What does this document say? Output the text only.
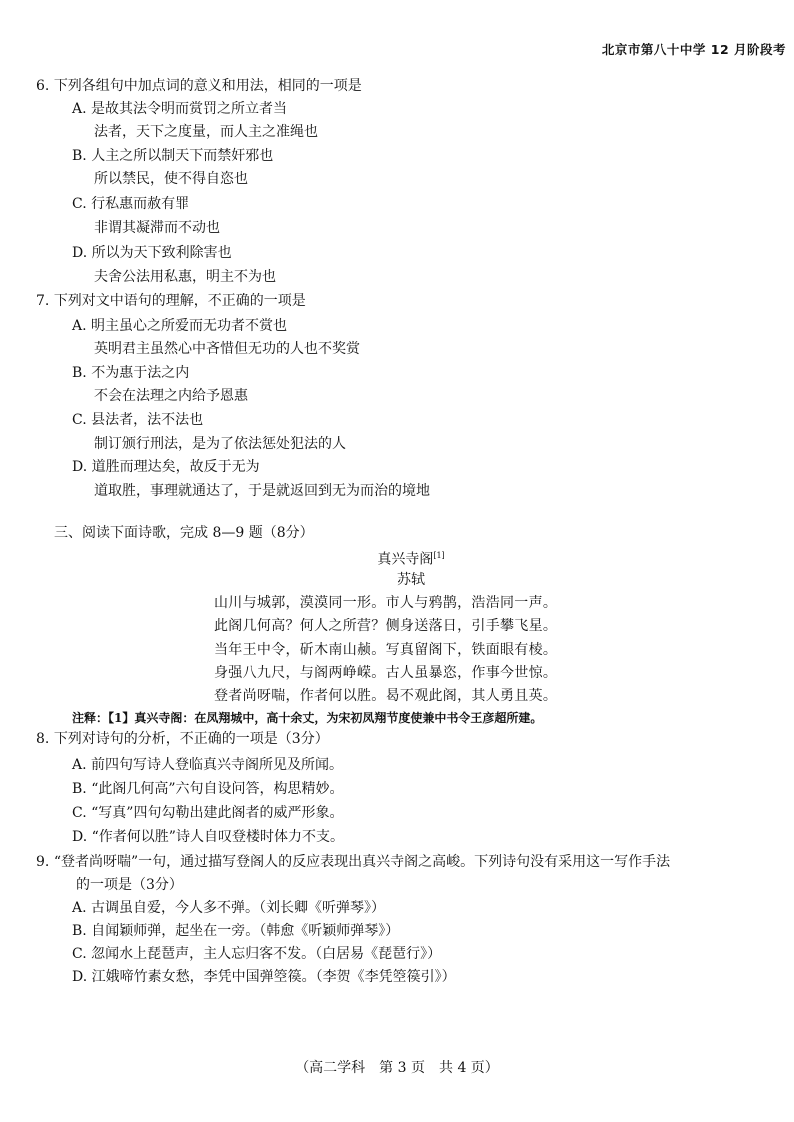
北京市第八十中学 12 月阶段考
6. 下列各组句中加点词的意义和用法，相同的一项是
A. 是故其法令明而赏罚之所立者当
法者，天下之度量，而人主之准绳也
B. 人主之所以制天下而禁奸邪也
所以禁民，使不得自恣也
C. 行私惠而赦有罪
非谓其凝滞而不动也
D. 所以为天下致利除害也
夫舍公法用私惠，明主不为也
7. 下列对文中语句的理解，不正确的一项是
A. 明主虽心之所爱而无功者不赏也
英明君主虽然心中吝惜但无功的人也不奖赏
B. 不为惠于法之内
不会在法理之内给予恩惠
C. 县法者，法不法也
制订颁行刑法，是为了依法惩处犯法的人
D. 道胜而理达矣，故反于无为
道取胜，事理就通达了，于是就返回到无为而治的境地
三、阅读下面诗歌，完成 8—9 题（8分）
真兴寺阁[1]
苏轼
山川与城郭，漠漠同一形。市人与鸦鹊，浩浩同一声。
此阁几何高？何人之所营？侧身送落日，引手攀飞星。
当年王中令，斫木南山赪。写真留阁下，铁面眼有棱。
身强八九尺，与阁两峥嵘。古人虽暴恣，作事今世惊。
登者尚呀喘，作者何以胜。曷不观此阁，其人勇且英。
注释：【1】真兴寺阁：在凤翔城中，高十余丈，为宋初凤翔节度使兼中书令王彦超所建。
8. 下列对诗句的分析，不正确的一项是（3分）
A. 前四句写诗人登临真兴寺阁所见及所闻。
B. “此阁几何高”六句自设问答，构思精妙。
C. “写真”四句勾勒出建此阁者的威严形象。
D. “作者何以胜”诗人自叹登楼时体力不支。
9. “登者尚呀喘”一句，通过描写登阁人的反应表现出真兴寺阁之高峻。下列诗句没有采用这一写作手法
的一项是（3分）
A. 古调虽自爱，今人多不弹。（刘长卿《听弹琴》）
B. 自闻颖师弹，起坐在一旁。（韩愈《听颖师弹琴》）
C. 忽闻水上琵琶声，主人忘归客不发。（白居易《琵琶行》）
D. 江娥啼竹素女愁，李凭中国弹箜篌。（李贺《李凭箜篌引》）
（高二学科　第 3 页　共 4 页）
